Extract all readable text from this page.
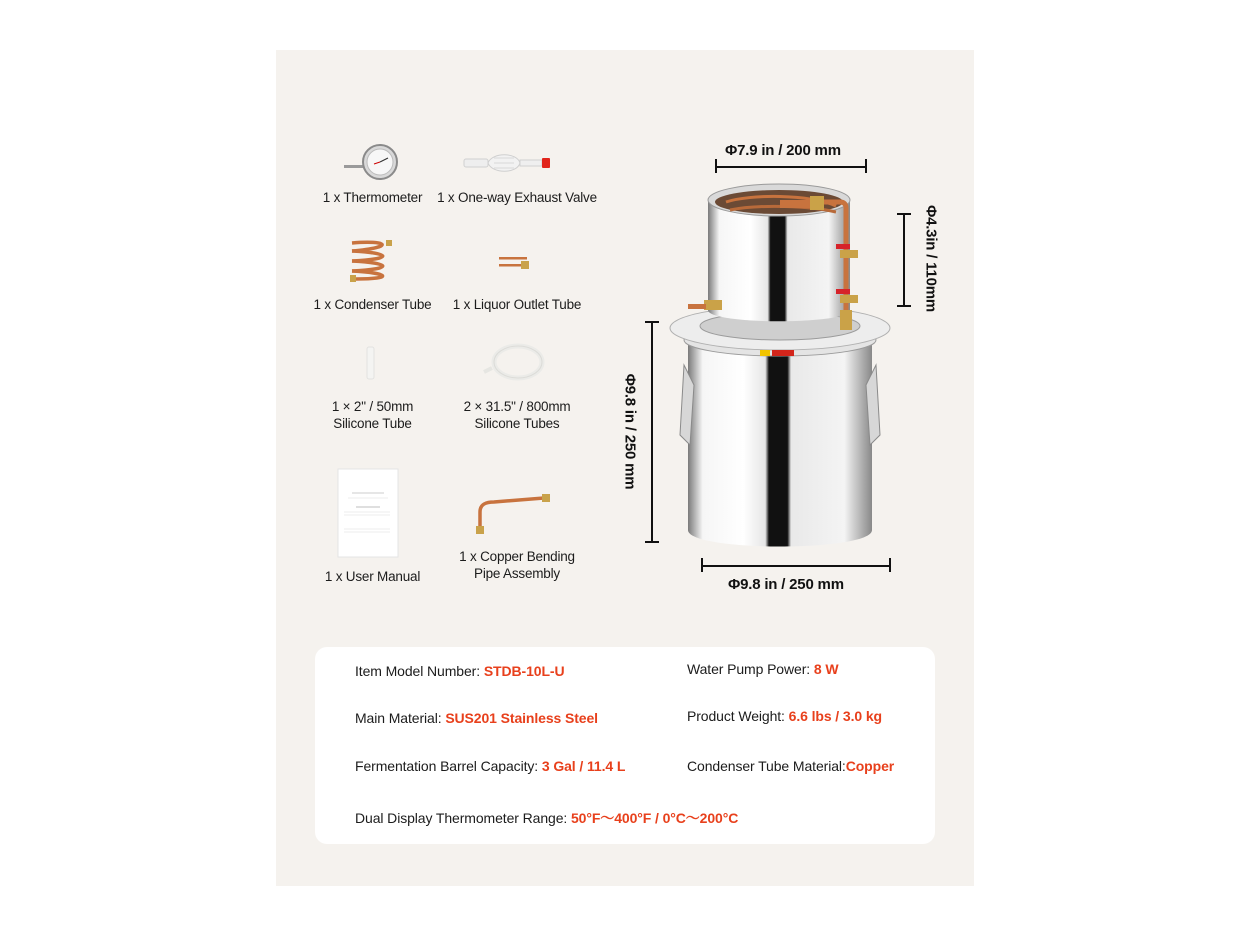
1 x Thermometer	1 x One-way Exhaust Valve
1 x Condenser Tube	1 x Liquor Outlet Tube
1 × 2" / 50mm
Silicone Tube
2 × 31.5" / 800mm
Silicone Tubes
1 x User Manual
1 x Copper Bending
Pipe Assembly
Φ7.9 in / 200 mm
Φ4.3in / 110mm
Φ9.8 in / 250 mm
Φ9.8 in / 250 mm
Item Model Number: STDB-10L-U
Main Material: SUS201 Stainless Steel
Fermentation Barrel Capacity: 3 Gal / 11.4 L
Dual Display Thermometer Range: 50°F～400°F / 0°C～200°C
Water Pump Power: 8 W
Product Weight: 6.6 lbs / 3.0 kg
Condenser Tube Material:Copper
